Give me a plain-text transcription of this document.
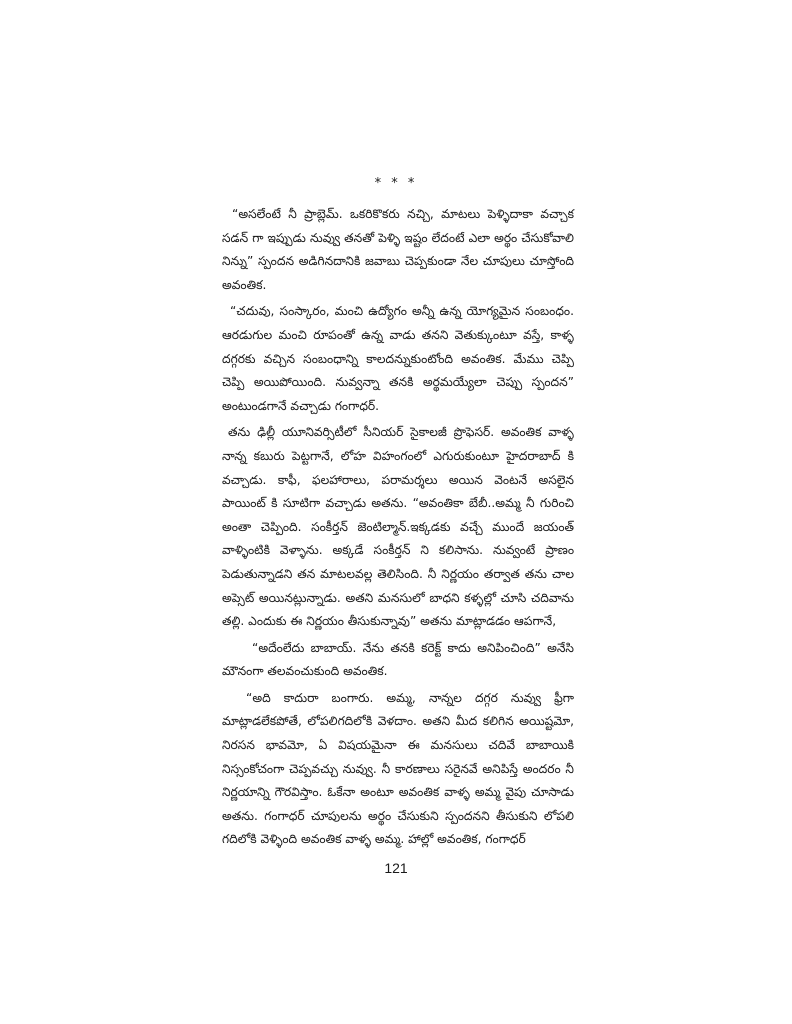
* * *

“అసలేంటే నీ ప్రాబ్లెమ్. ఒకరికొకరు నచ్చి, మాటలు పెళ్ళిదాకా వచ్చాక సడన్ గా ఇప్పుడు నువ్వు తనతో పెళ్ళి ఇష్టం లేదంటే ఎలా అర్థం చేసుకోవాలి నిన్ను” స్పందన అడిగినదానికి జవాబు చెప్పకుండా నేల చూపులు చూస్తోంది అవంతిక.

“చదువు, సంస్కారం, మంచి ఉద్యోగం అన్నీ ఉన్న యోగ్యమైన సంబంధం. ఆరడుగుల మంచి రూపంతో ఉన్న వాడు తనని వెతుక్కుంటూ వస్తే, కాళ్ళ దగ్గరకు వచ్చిన సంబంధాన్ని కాలదన్నుకుంటోంది అవంతిక. మేము చెప్పి చెప్పి అయిపోయింది. నువ్వన్నా తనకి అర్థమయ్యేలా చెప్పు స్పందన” అంటుండగానే వచ్చాడు గంగాధర్.

తను ఢిల్లీ యూనివర్సిటీలో సీనియర్ సైకాలజీ ప్రొఫెసర్. అవంతిక వాళ్ళ నాన్న కబురు పెట్టగానే, లోహ విహంగంలో ఎగురుకుంటూ హైదరాబాద్ కి వచ్చాడు. కాఫీ, ఫలహారాలు, పరామర్శలు అయిన వెంటనే అసలైన పాయింట్ కి సూటిగా వచ్చాడు అతను. “అవంతికా బేబీ..అమ్మ నీ గురించి అంతా చెప్పింది. సంకీర్తన్ జెంటిల్మాన్.ఇక్కడకు వచ్చే ముందే జయంత్ వాళ్ళింటికి వెళ్ళాను. అక్కడే సంకీర్తన్ ని కలిసాను. నువ్వంటే ప్రాణం పెడుతున్నాడని తన మాటలవల్ల తెలిసింది. నీ నిర్ణయం తర్వాత తను చాల అప్సెట్ అయినట్లున్నాడు. అతని మనసులో బాధని కళ్ళల్లో చూసి చదివాను తల్లి. ఎందుకు ఈ నిర్ణయం తీసుకున్నావు” అతను మాట్లాడడం ఆపగానే,

“అదేంలేదు బాబాయ్. నేను తనకి కరెక్ట్ కాదు అనిపించింది” అనేసి మౌనంగా తలవంచుకుంది అవంతిక.

“అది కాదురా బంగారు. అమ్మ, నాన్నల దగ్గర నువ్వు ఫ్రీగా మాట్లాడలేకపోతే, లోపలిగదిలోకి వెళదాం. అతని మీద కలిగిన అయిష్టమో, నిరసన భావమో, ఏ విషయమైనా ఈ మనసులు చదివే బాబాయికి నిస్సంకోచంగా చెప్పవచ్చు నువ్వు. నీ కారణాలు సరైనవే అనిపిస్తే అందరం నీ నిర్ణయాన్ని గౌరవిస్తాం. ఓకేనా అంటూ అవంతిక వాళ్ళ అమ్మ వైపు చూసాడు అతను. గంగాధర్ చూపులను అర్థం చేసుకుని స్పందనని తీసుకుని లోపలి గదిలోకి వెళ్ళింది అవంతిక వాళ్ళ అమ్మ. హాల్లో అవంతిక, గంగాధర్

121
